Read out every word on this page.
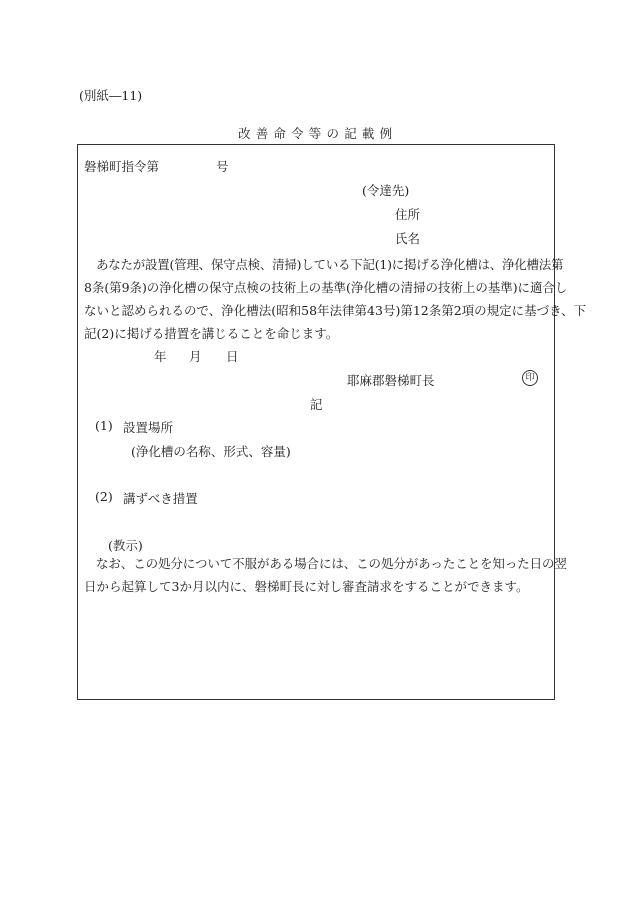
(別紙―11)
改善命令等の記載例
磐梯町指令第	号
(令達先)
住所
氏名
あなたが設置(管理、保守点検、清掃)している下記(1)に掲げる浄化槽は、浄化槽法第
8条(第9条)の浄化槽の保守点検の技術上の基準(浄化槽の清掃の技術上の基準)に適合し
ないと認められるので、浄化槽法(昭和58年法律第43号)第12条第2項の規定に基づき、下
記(2)に掲げる措置を講じることを命じます。
年 月 日
耶麻郡磐梯町長	印
記
(1) 設置場所
(浄化槽の名称、形式、容量)
(2) 講ずべき措置
(教示)
なお、この処分について不服がある場合には、この処分があったことを知った日の翌
日から起算して3か月以内に、磐梯町長に対し審査請求をすることができます。
